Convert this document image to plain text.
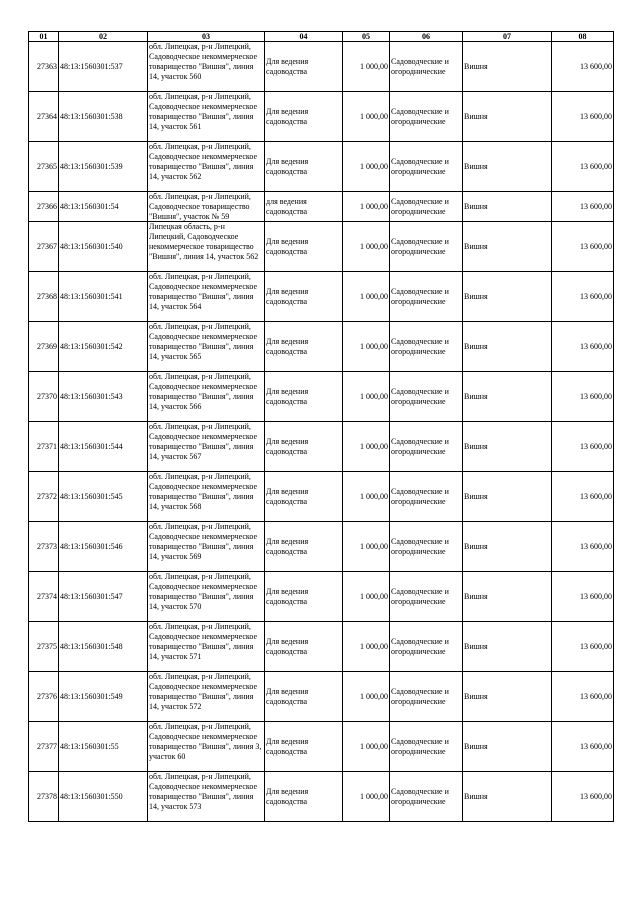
01	02	03	04	05	06	07	08
27363	48:13:1560301:537	обл. Липецкая, р-н Липецкий, Садоводческое некоммерческое товарищество "Вишня", линия 14, участок 560	Для ведения садоводства	1 000,00	Садоводческие и огороднические	Вишня	13 600,00
27364	48:13:1560301:538	обл. Липецкая, р-н Липецкий, Садоводческое некоммерческое товарищество "Вишня", линия 14, участок 561	Для ведения садоводства	1 000,00	Садоводческие и огороднические	Вишня	13 600,00
27365	48:13:1560301:539	обл. Липецкая, р-н Липецкий, Садоводческое некоммерческое товарищество "Вишня", линия 14, участок 562	Для ведения садоводства	1 000,00	Садоводческие и огороднические	Вишня	13 600,00
27366	48:13:1560301:54	обл. Липецкая, р-н Липецкий, Садоводческое товарищество "Вишня", участок № 59	для ведения садоводства	1 000,00	Садоводческие и огороднические	Вишня	13 600,00
27367	48:13:1560301:540	Липецкая область, р-н Липецкий, Садоводческое некоммерческое товарищество "Вишня", линия 14, участок 562	Для ведения садоводства	1 000,00	Садоводческие и огороднические	Вишня	13 600,00
27368	48:13:1560301:541	обл. Липецкая, р-н Липецкий, Садоводческое некоммерческое товарищество "Вишня", линия 14, участок 564	Для ведения садоводства	1 000,00	Садоводческие и огороднические	Вишня	13 600,00
27369	48:13:1560301:542	обл. Липецкая, р-н Липецкий, Садоводческое некоммерческое товарищество "Вишня", линия 14, участок 565	Для ведения садоводства	1 000,00	Садоводческие и огороднические	Вишня	13 600,00
27370	48:13:1560301:543	обл. Липецкая, р-н Липецкий, Садоводческое некоммерческое товарищество "Вишня", линия 14, участок 566	Для ведения садоводства	1 000,00	Садоводческие и огороднические	Вишня	13 600,00
27371	48:13:1560301:544	обл. Липецкая, р-н Липецкий, Садоводческое некоммерческое товарищество "Вишня", линия 14, участок 567	Для ведения садоводства	1 000,00	Садоводческие и огороднические	Вишня	13 600,00
27372	48:13:1560301:545	обл. Липецкая, р-н Липецкий, Садоводческое некоммерческое товарищество "Вишня", линия 14, участок 568	Для ведения садоводства	1 000,00	Садоводческие и огороднические	Вишня	13 600,00
27373	48:13:1560301:546	обл. Липецкая, р-н Липецкий, Садоводческое некоммерческое товарищество "Вишня", линия 14, участок 569	Для ведения садоводства	1 000,00	Садоводческие и огороднические	Вишня	13 600,00
27374	48:13:1560301:547	обл. Липецкая, р-н Липецкий, Садоводческое некоммерческое товарищество "Вишня", линия 14, участок 570	Для ведения садоводства	1 000,00	Садоводческие и огороднические	Вишня	13 600,00
27375	48:13:1560301:548	обл. Липецкая, р-н Липецкий, Садоводческое некоммерческое товарищество "Вишня", линия 14, участок 571	Для ведения садоводства	1 000,00	Садоводческие и огороднические	Вишня	13 600,00
27376	48:13:1560301:549	обл. Липецкая, р-н Липецкий, Садоводческое некоммерческое товарищество "Вишня", линия 14, участок 572	Для ведения садоводства	1 000,00	Садоводческие и огороднические	Вишня	13 600,00
27377	48:13:1560301:55	обл. Липецкая, р-н Липецкий, Садоводческое некоммерческое товарищество "Вишня", линия 3, участок 60	Для ведения садоводства	1 000,00	Садоводческие и огороднические	Вишня	13 600,00
27378	48:13:1560301:550	обл. Липецкая, р-н Липецкий, Садоводческое некоммерческое товарищество "Вишня", линия 14, участок 573	Для ведения садоводства	1 000,00	Садоводческие и огороднические	Вишня	13 600,00
